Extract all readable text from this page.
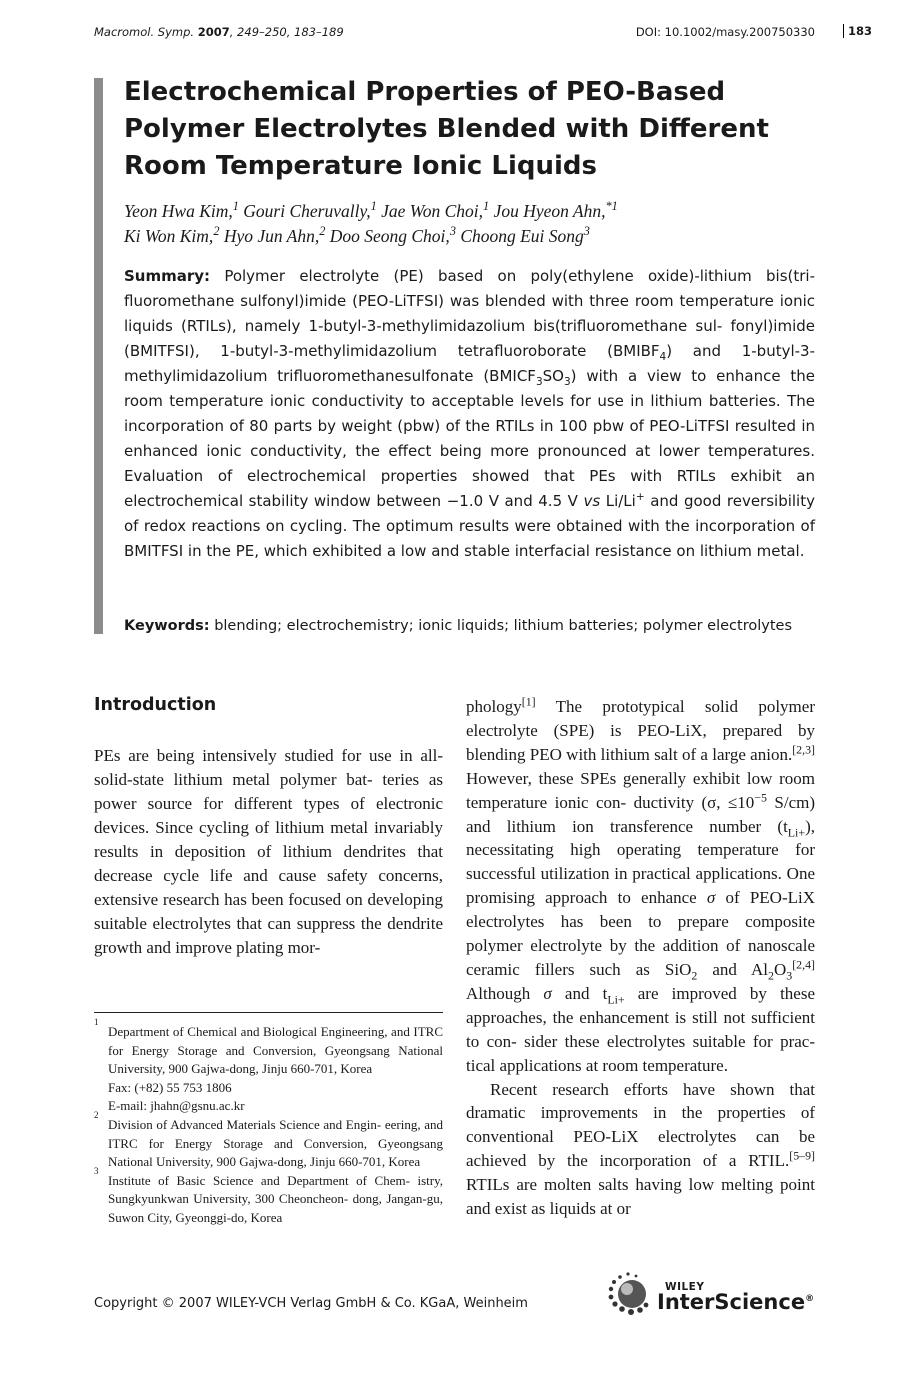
Macromol. Symp. 2007, 249–250, 183–189	DOI: 10.1002/masy.200750330	183
Electrochemical Properties of PEO-Based Polymer Electrolytes Blended with Different Room Temperature Ionic Liquids
Yeon Hwa Kim,$^1$ Gouri Cheruvally,$^1$ Jae Won Choi,$^1$ Jou Hyeon Ahn,$^{*1}$
Ki Won Kim,$^2$ Hyo Jun Ahn,$^2$ Doo Seong Choi,$^3$ Choong Eui Song$^3$
Summary: Polymer electrolyte (PE) based on poly(ethylene oxide)-lithium bis(tri- fluoromethane sulfonyl)imide (PEO-LiTFSI) was blended with three room temperature ionic liquids (RTILs), namely 1-butyl-3-methylimidazolium bis(trifluoromethane sul- fonyl)imide (BMITFSI), 1-butyl-3-methylimidazolium tetrafluoroborate $(BMIBF_4)$ and 1-butyl-3-methylimidazolium trifluoromethanesulfonate $(BMICF_3SO_3)$ with a view to enhance the room temperature ionic conductivity to acceptable levels for use in lithium batteries. The incorporation of 80 parts by weight (pbw) of the RTILs in 100 pbw of PEO-LiTFSI resulted in enhanced ionic conductivity, the effect being more pronounced at lower temperatures. Evaluation of electrochemical properties showed that PEs with RTILs exhibit an electrochemical stability window between −1.0 V and 4.5 V vs Li/Li+ and good reversibility of redox reactions on cycling. The optimum results were obtained with the incorporation of BMITFSI in the PE, which exhibited a low and stable interfacial resistance on lithium metal.
Keywords: blending; electrochemistry; ionic liquids; lithium batteries; polymer electrolytes
Introduction

PEs are being intensively studied for use in all-solid-state lithium metal polymer bat- teries as power source for different types of electronic devices. Since cycling of lithium metal invariably results in deposition of lithium dendrites that decrease cycle life and cause safety concerns, extensive research has been focused on developing suitable electrolytes that can suppress the dendrite growth and improve plating mor-

1
Department of Chemical and Biological Engineering, and ITRC for Energy Storage and Conversion, Gyeongsang National University, 900 Gajwa-dong, Jinju 660-701, Korea
Fax: (+82) 55 753 1806
E-mail: jhahn@gsnu.ac.kr
2
Division of Advanced Materials Science and Engin- eering, and ITRC for Energy Storage and Conversion, Gyeongsang National University, 900 Gajwa-dong, Jinju 660-701, Korea
3
Institute of Basic Science and Department of Chem- istry, Sungkyunkwan University, 300 Cheoncheon- dong, Jangan-gu, Suwon City, Gyeonggi-do, Korea

phology[1] The prototypical solid polymer electrolyte (SPE) is PEO-LiX, prepared by blending PEO with lithium salt of a large anion.[2,3] However, these SPEs generally exhibit low room temperature ionic con- ductivity (σ, $\le 10^{-5}$ S/cm) and lithium ion transference number $(t_{Li+})$, necessitating high operating temperature for successful utilization in practical applications. One promising approach to enhance σ of PEO-LiX electrolytes has been to prepare composite polymer electrolyte by the addition of nanoscale ceramic fillers such as SiO$_2$ and $Al_2O_3[2,4]$ Although σ and $t_{Li+}$ are improved by these approaches, the enhancement is still not sufficient to con- sider these electrolytes suitable for prac- tical applications at room temperature.

Recent research efforts have shown that dramatic improvements in the properties of conventional PEO-LiX electrolytes can be achieved by the incorporation of a RTIL.[5–9] RTILs are molten salts having low melting point and exist as liquids at or

Copyright © 2007 WILEY-VCH Verlag GmbH & Co. KGaA, Weinheim
WILEY
InterScience®
